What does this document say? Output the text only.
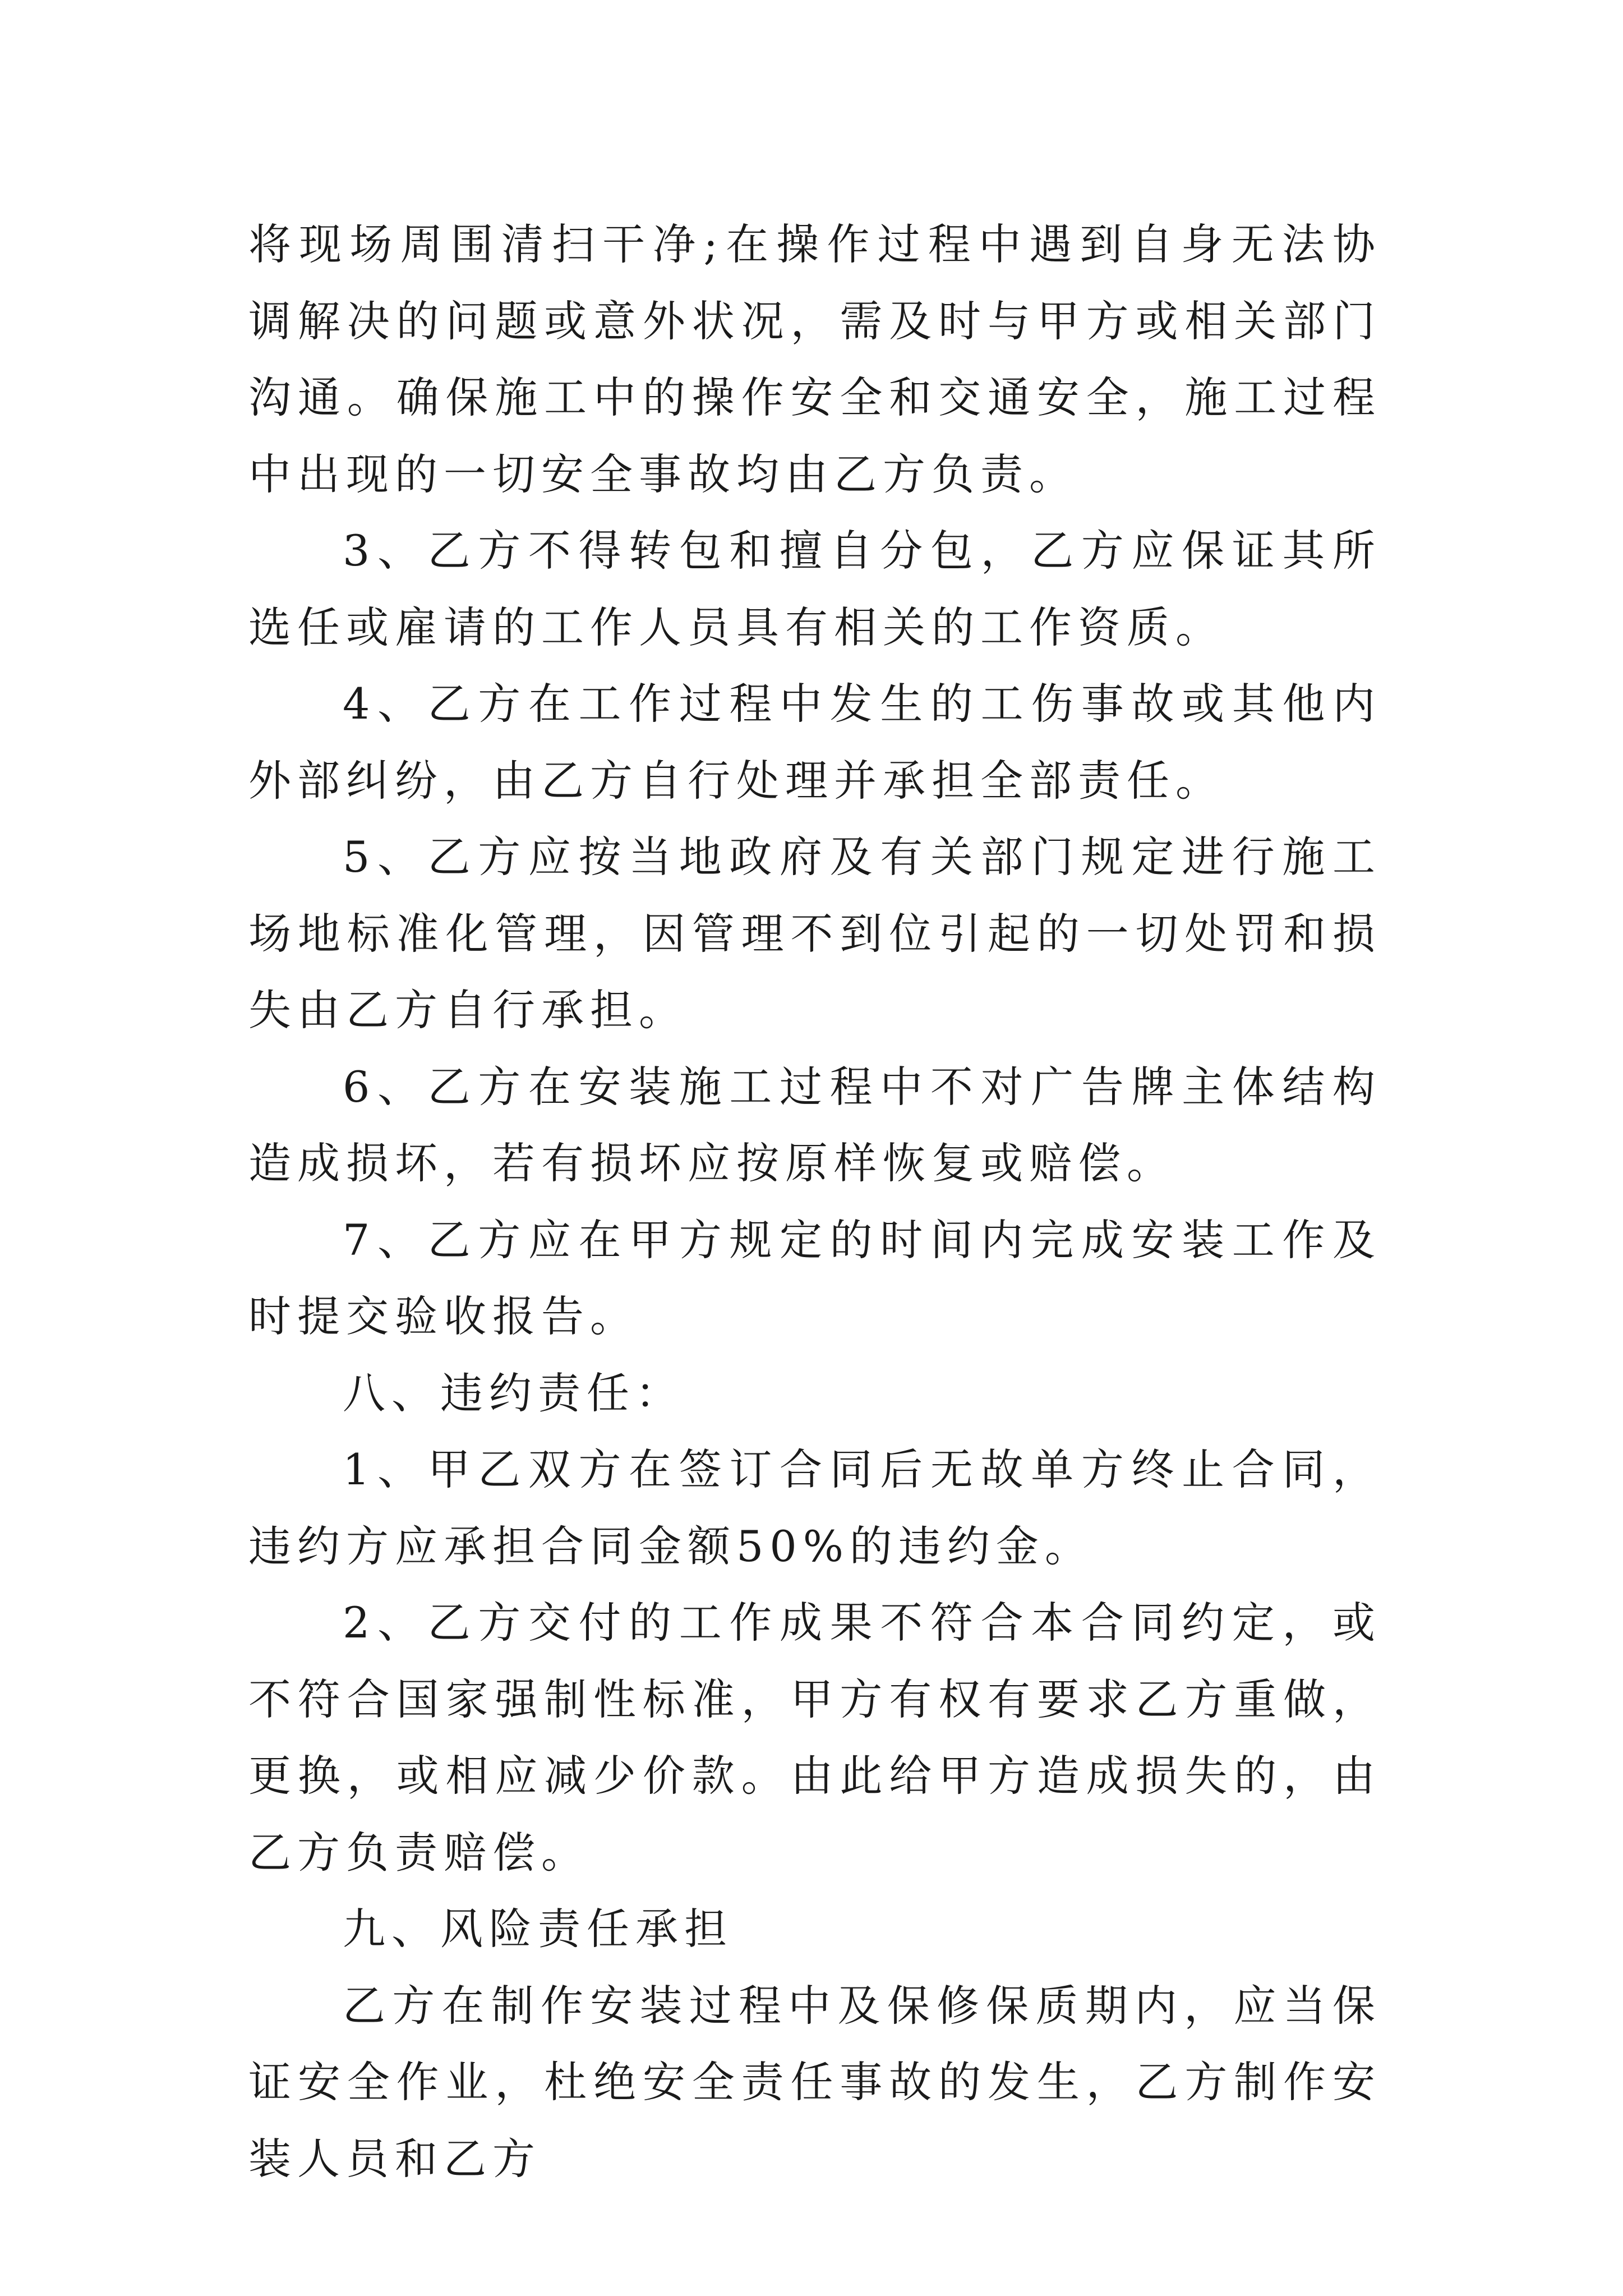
将现场周围清扫干净;在操作过程中遇到自身无法协调解决的问题或意外状况，需及时与甲方或相关部门沟通。确保施工中的操作安全和交通安全，施工过程中出现的一切安全事故均由乙方负责。

3、乙方不得转包和擅自分包，乙方应保证其所选任或雇请的工作人员具有相关的工作资质。

4、乙方在工作过程中发生的工伤事故或其他内外部纠纷，由乙方自行处理并承担全部责任。

5、乙方应按当地政府及有关部门规定进行施工场地标准化管理，因管理不到位引起的一切处罚和损失由乙方自行承担。

6、乙方在安装施工过程中不对广告牌主体结构造成损坏，若有损坏应按原样恢复或赔偿。

7、乙方应在甲方规定的时间内完成安装工作及时提交验收报告。

八、违约责任：

1、甲乙双方在签订合同后无故单方终止合同，违约方应承担合同金额50%的违约金。

2、乙方交付的工作成果不符合本合同约定，或不符合国家强制性标准，甲方有权有要求乙方重做，更换，或相应减少价款。由此给甲方造成损失的，由乙方负责赔偿。

九、风险责任承担

乙方在制作安装过程中及保修保质期内，应当保证安全作业，杜绝安全责任事故的发生，乙方制作安装人员和乙方
